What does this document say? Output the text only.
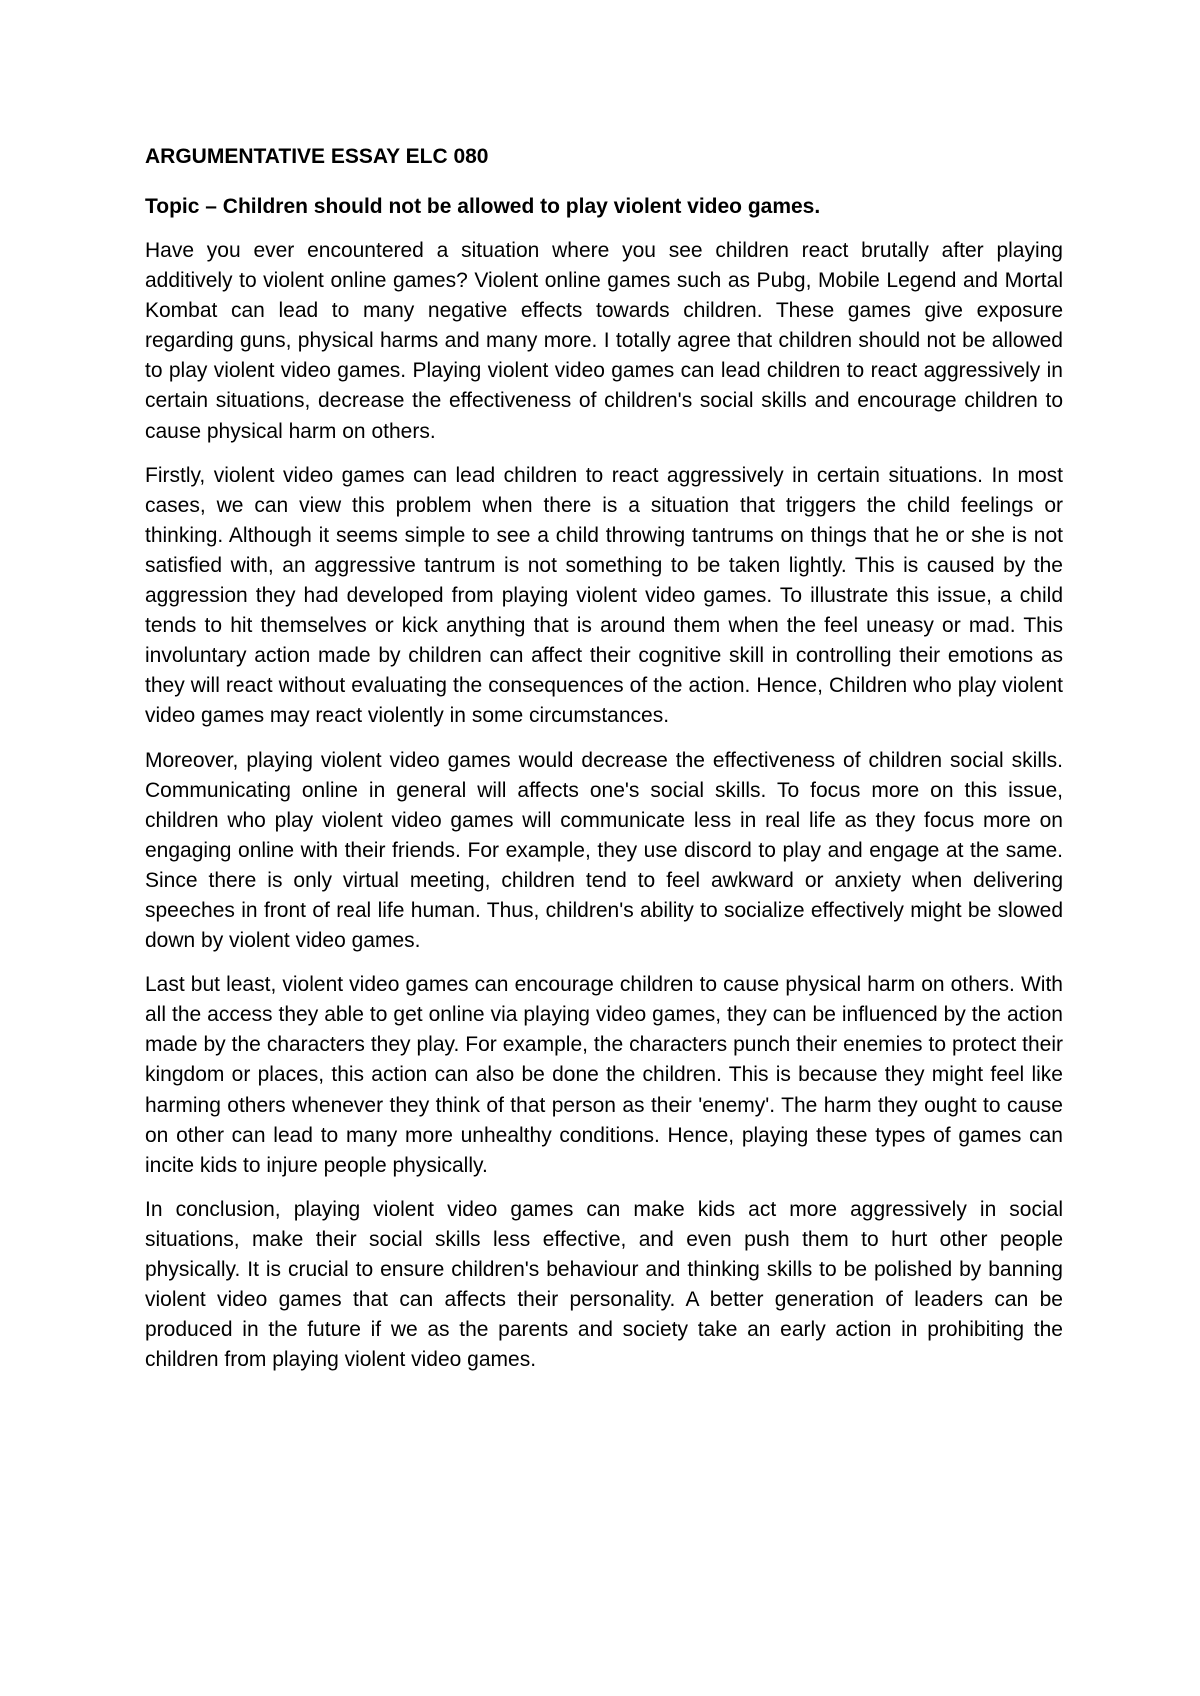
ARGUMENTATIVE ESSAY ELC 080
Topic – Children should not be allowed to play violent video games.

Have you ever encountered a situation where you see children react brutally after playing additively to violent online games? Violent online games such as Pubg, Mobile Legend and Mortal Kombat can lead to many negative effects towards children. These games give exposure regarding guns, physical harms and many more. I totally agree that children should not be allowed to play violent video games. Playing violent video games can lead children to react aggressively in certain situations, decrease the effectiveness of children's social skills and encourage children to cause physical harm on others.

Firstly, violent video games can lead children to react aggressively in certain situations. In most cases, we can view this problem when there is a situation that triggers the child feelings or thinking. Although it seems simple to see a child throwing tantrums on things that he or she is not satisfied with, an aggressive tantrum is not something to be taken lightly. This is caused by the aggression they had developed from playing violent video games. To illustrate this issue, a child tends to hit themselves or kick anything that is around them when the feel uneasy or mad. This involuntary action made by children can affect their cognitive skill in controlling their emotions as they will react without evaluating the consequences of the action. Hence, Children who play violent video games may react violently in some circumstances.

Moreover, playing violent video games would decrease the effectiveness of children social skills. Communicating online in general will affects one's social skills. To focus more on this issue, children who play violent video games will communicate less in real life as they focus more on engaging online with their friends. For example, they use discord to play and engage at the same. Since there is only virtual meeting, children tend to feel awkward or anxiety when delivering speeches in front of real life human. Thus, children's ability to socialize effectively might be slowed down by violent video games.

Last but least, violent video games can encourage children to cause physical harm on others. With all the access they able to get online via playing video games, they can be influenced by the action made by the characters they play. For example, the characters punch their enemies to protect their kingdom or places, this action can also be done the children. This is because they might feel like harming others whenever they think of that person as their 'enemy'. The harm they ought to cause on other can lead to many more unhealthy conditions. Hence, playing these types of games can incite kids to injure people physically.

In conclusion, playing violent video games can make kids act more aggressively in social situations, make their social skills less effective, and even push them to hurt other people physically. It is crucial to ensure children's behaviour and thinking skills to be polished by banning violent video games that can affects their personality. A better generation of leaders can be produced in the future if we as the parents and society take an early action in prohibiting the children from playing violent video games.
